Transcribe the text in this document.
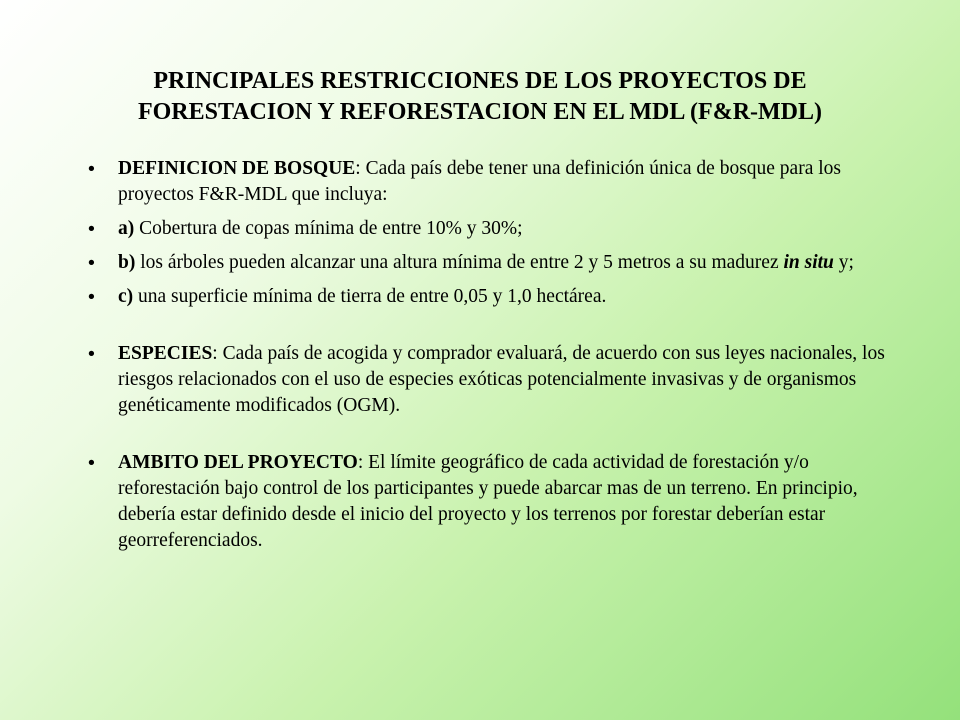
PRINCIPALES RESTRICCIONES DE LOS PROYECTOS DE
FORESTACION Y REFORESTACION EN EL MDL (F&R-MDL)
• DEFINICION DE BOSQUE: Cada país debe tener una definición única de bosque para los proyectos F&R-MDL que incluya:
• a) Cobertura de copas mínima de entre 10% y 30%;
• b) los árboles pueden alcanzar una altura mínima de entre 2 y 5 metros a su madurez in situ y;
• c) una superficie mínima de tierra de entre 0,05 y 1,0 hectárea.
• ESPECIES: Cada país de acogida y comprador evaluará, de acuerdo con sus leyes nacionales, los riesgos relacionados con el uso de especies exóticas potencialmente invasivas y de organismos genéticamente modificados (OGM).
• AMBITO DEL PROYECTO: El límite geográfico de cada actividad de forestación y/o reforestación bajo control de los participantes y puede abarcar mas de un terreno. En principio, debería estar definido desde el inicio del proyecto y los terrenos por forestar deberían estar georreferenciados.
